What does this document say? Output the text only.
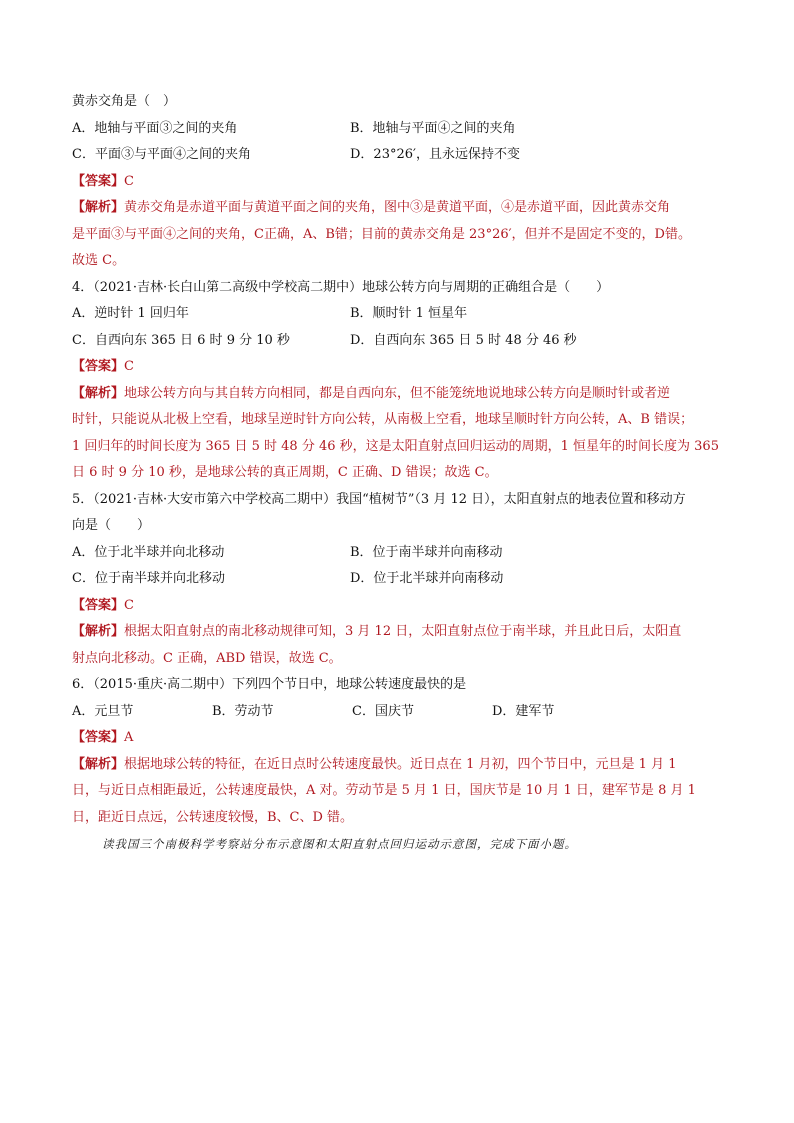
黄赤交角是（　）
A．地轴与平面③之间的夹角	B．地轴与平面④之间的夹角
C．平面③与平面④之间的夹角	D．23°26′，且永远保持不变
【答案】C
【解析】黄赤交角是赤道平面与黄道平面之间的夹角，图中③是黄道平面，④是赤道平面，因此黄赤交角
是平面③与平面④之间的夹角，C正确，A、B错；目前的黄赤交角是 23°26′，但并不是固定不变的，D错。
故选 C。
4．（2021·吉林·长白山第二高级中学校高二期中）地球公转方向与周期的正确组合是（　　）
A．逆时针 1 回归年	B．顺时针 1 恒星年
C．自西向东 365 日 6 时 9 分 10 秒	D．自西向东 365 日 5 时 48 分 46 秒
【答案】C
【解析】地球公转方向与其自转方向相同，都是自西向东，但不能笼统地说地球公转方向是顺时针或者逆
时针，只能说从北极上空看，地球呈逆时针方向公转，从南极上空看，地球呈顺时针方向公转，A、B 错误；
1 回归年的时间长度为 365 日 5 时 48 分 46 秒，这是太阳直射点回归运动的周期，1 恒星年的时间长度为 365
日 6 时 9 分 10 秒，是地球公转的真正周期，C 正确、D 错误；故选 C。
5．（2021·吉林·大安市第六中学校高二期中）我国“植树节”（3 月 12 日），太阳直射点的地表位置和移动方
向是（　　）
A．位于北半球并向北移动	B．位于南半球并向南移动
C．位于南半球并向北移动	D．位于北半球并向南移动
【答案】C
【解析】根据太阳直射点的南北移动规律可知，3 月 12 日，太阳直射点位于南半球，并且此日后，太阳直
射点向北移动。C 正确，ABD 错误，故选 C。
6．（2015·重庆·高二期中）下列四个节日中，地球公转速度最快的是
A．元旦节	B．劳动节	C．国庆节	D．建军节
【答案】A
【解析】根据地球公转的特征，在近日点时公转速度最快。近日点在 1 月初，四个节日中，元旦是 1 月 1
日，与近日点相距最近，公转速度最快，A 对。劳动节是 5 月 1 日，国庆节是 10 月 1 日，建军节是 8 月 1
日，距近日点远，公转速度较慢，B、C、D 错。
读我国三个南极科学考察站分布示意图和太阳直射点回归运动示意图，完成下面小题。
